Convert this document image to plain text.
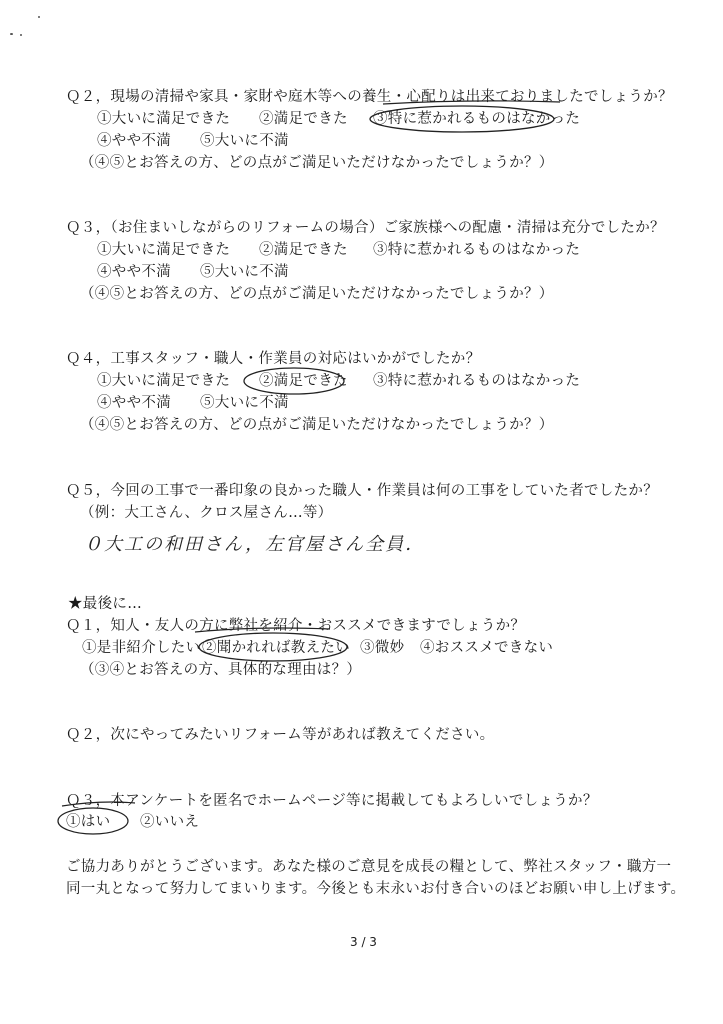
Ｑ２，現場の清掃や家具・家財や庭木等への養生・心配りは出来ておりましたでしょうか？
①大いに満足できた ②満足できた ③特に惹かれるものはなかった
④やや不満 ⑤大いに不満
（④⑤とお答えの方、どの点がご満足いただけなかったでしょうか？）
Ｑ３，（お住まいしながらのリフォームの場合）ご家族様への配慮・清掃は充分でしたか？
①大いに満足できた ②満足できた ③特に惹かれるものはなかった
④やや不満 ⑤大いに不満
（④⑤とお答えの方、どの点がご満足いただけなかったでしょうか？）
Ｑ４，工事スタッフ・職人・作業員の対応はいかがでしたか？
①大いに満足できた ②満足できた ③特に惹かれるものはなかった
④やや不満 ⑤大いに不満
（④⑤とお答えの方、どの点がご満足いただけなかったでしょうか？）
Ｑ５，今回の工事で一番印象の良かった職人・作業員は何の工事をしていた者でしたか？
（例：大工さん、クロス屋さん…等）
０大工の和田さん，左官屋さん全員．
★最後に…
Ｑ１，知人・友人の方に弊社を紹介・おススメできますでしょうか？
①是非紹介したい ②聞かれれば教えたい ③微妙 ④おススメできない
（③④とお答えの方、具体的な理由は？）
Ｑ２，次にやってみたいリフォーム等があれば教えてください。
Ｑ３，本アンケートを匿名でホームページ等に掲載してもよろしいでしょうか？
①はい ②いいえ
ご協力ありがとうございます。あなた様のご意見を成長の糧として、弊社スタッフ・職方一
同一丸となって努力してまいります。今後とも末永いお付き合いのほどお願い申し上げます。
3 / 3
